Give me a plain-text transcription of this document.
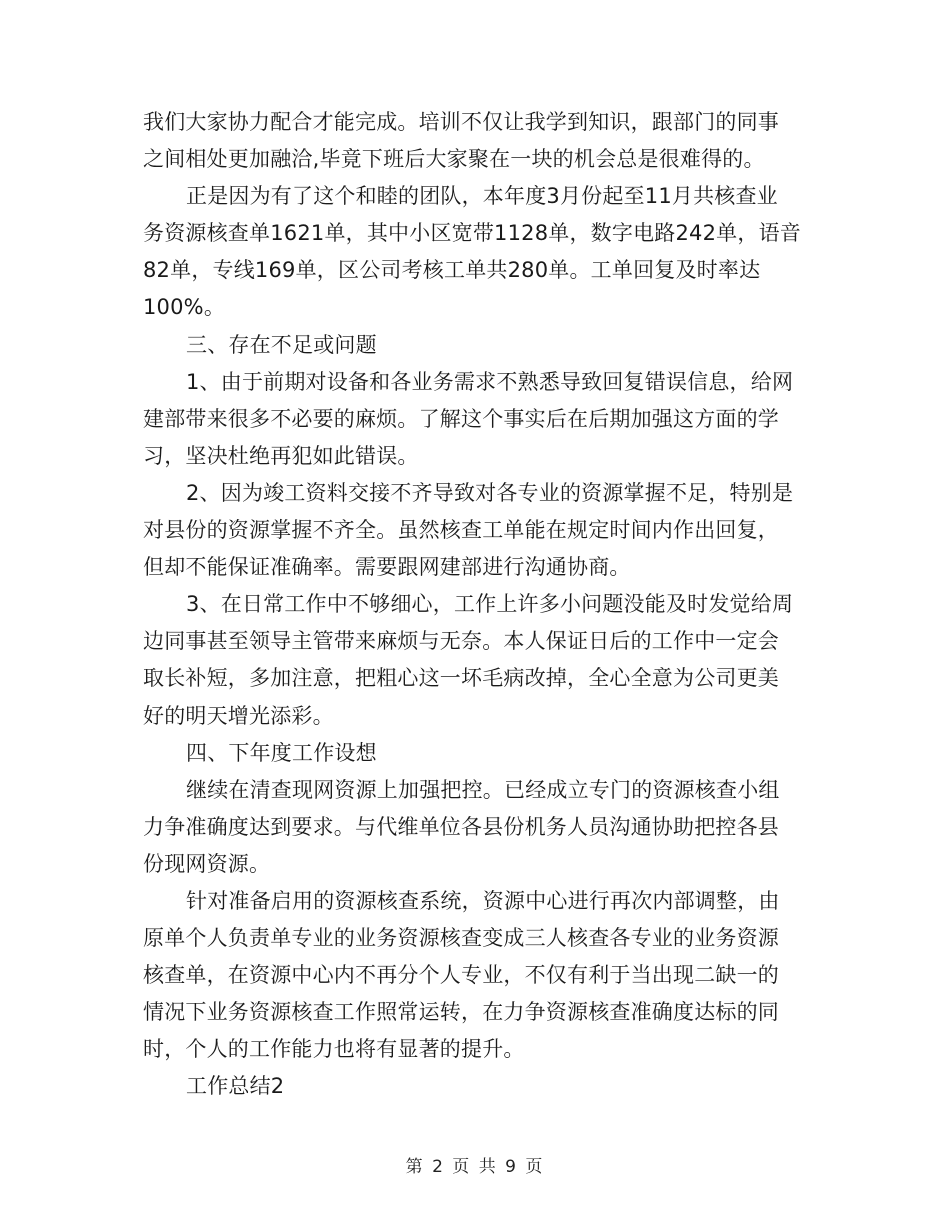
我们大家协力配合才能完成。培训不仅让我学到知识，跟部门的同事
之间相处更加融洽,毕竟下班后大家聚在一块的机会总是很难得的。
正是因为有了这个和睦的团队，本年度3月份起至11月共核查业
务资源核查单1621单，其中小区宽带1128单，数字电路242单，语音
82单，专线169单，区公司考核工单共280单。工单回复及时率达
100%。
三、存在不足或问题
1、由于前期对设备和各业务需求不熟悉导致回复错误信息，给网
建部带来很多不必要的麻烦。了解这个事实后在后期加强这方面的学
习，坚决杜绝再犯如此错误。
2、因为竣工资料交接不齐导致对各专业的资源掌握不足，特别是
对县份的资源掌握不齐全。虽然核查工单能在规定时间内作出回复，
但却不能保证准确率。需要跟网建部进行沟通协商。
3、在日常工作中不够细心，工作上许多小问题没能及时发觉给周
边同事甚至领导主管带来麻烦与无奈。本人保证日后的工作中一定会
取长补短，多加注意，把粗心这一坏毛病改掉，全心全意为公司更美
好的明天增光添彩。
四、下年度工作设想
继续在清查现网资源上加强把控。已经成立专门的资源核查小组
力争准确度达到要求。与代维单位各县份机务人员沟通协助把控各县
份现网资源。
针对准备启用的资源核查系统，资源中心进行再次内部调整，由
原单个人负责单专业的业务资源核查变成三人核查各专业的业务资源
核查单，在资源中心内不再分个人专业，不仅有利于当出现二缺一的
情况下业务资源核查工作照常运转，在力争资源核查准确度达标的同
时，个人的工作能力也将有显著的提升。
工作总结2
第 2 页 共 9 页
